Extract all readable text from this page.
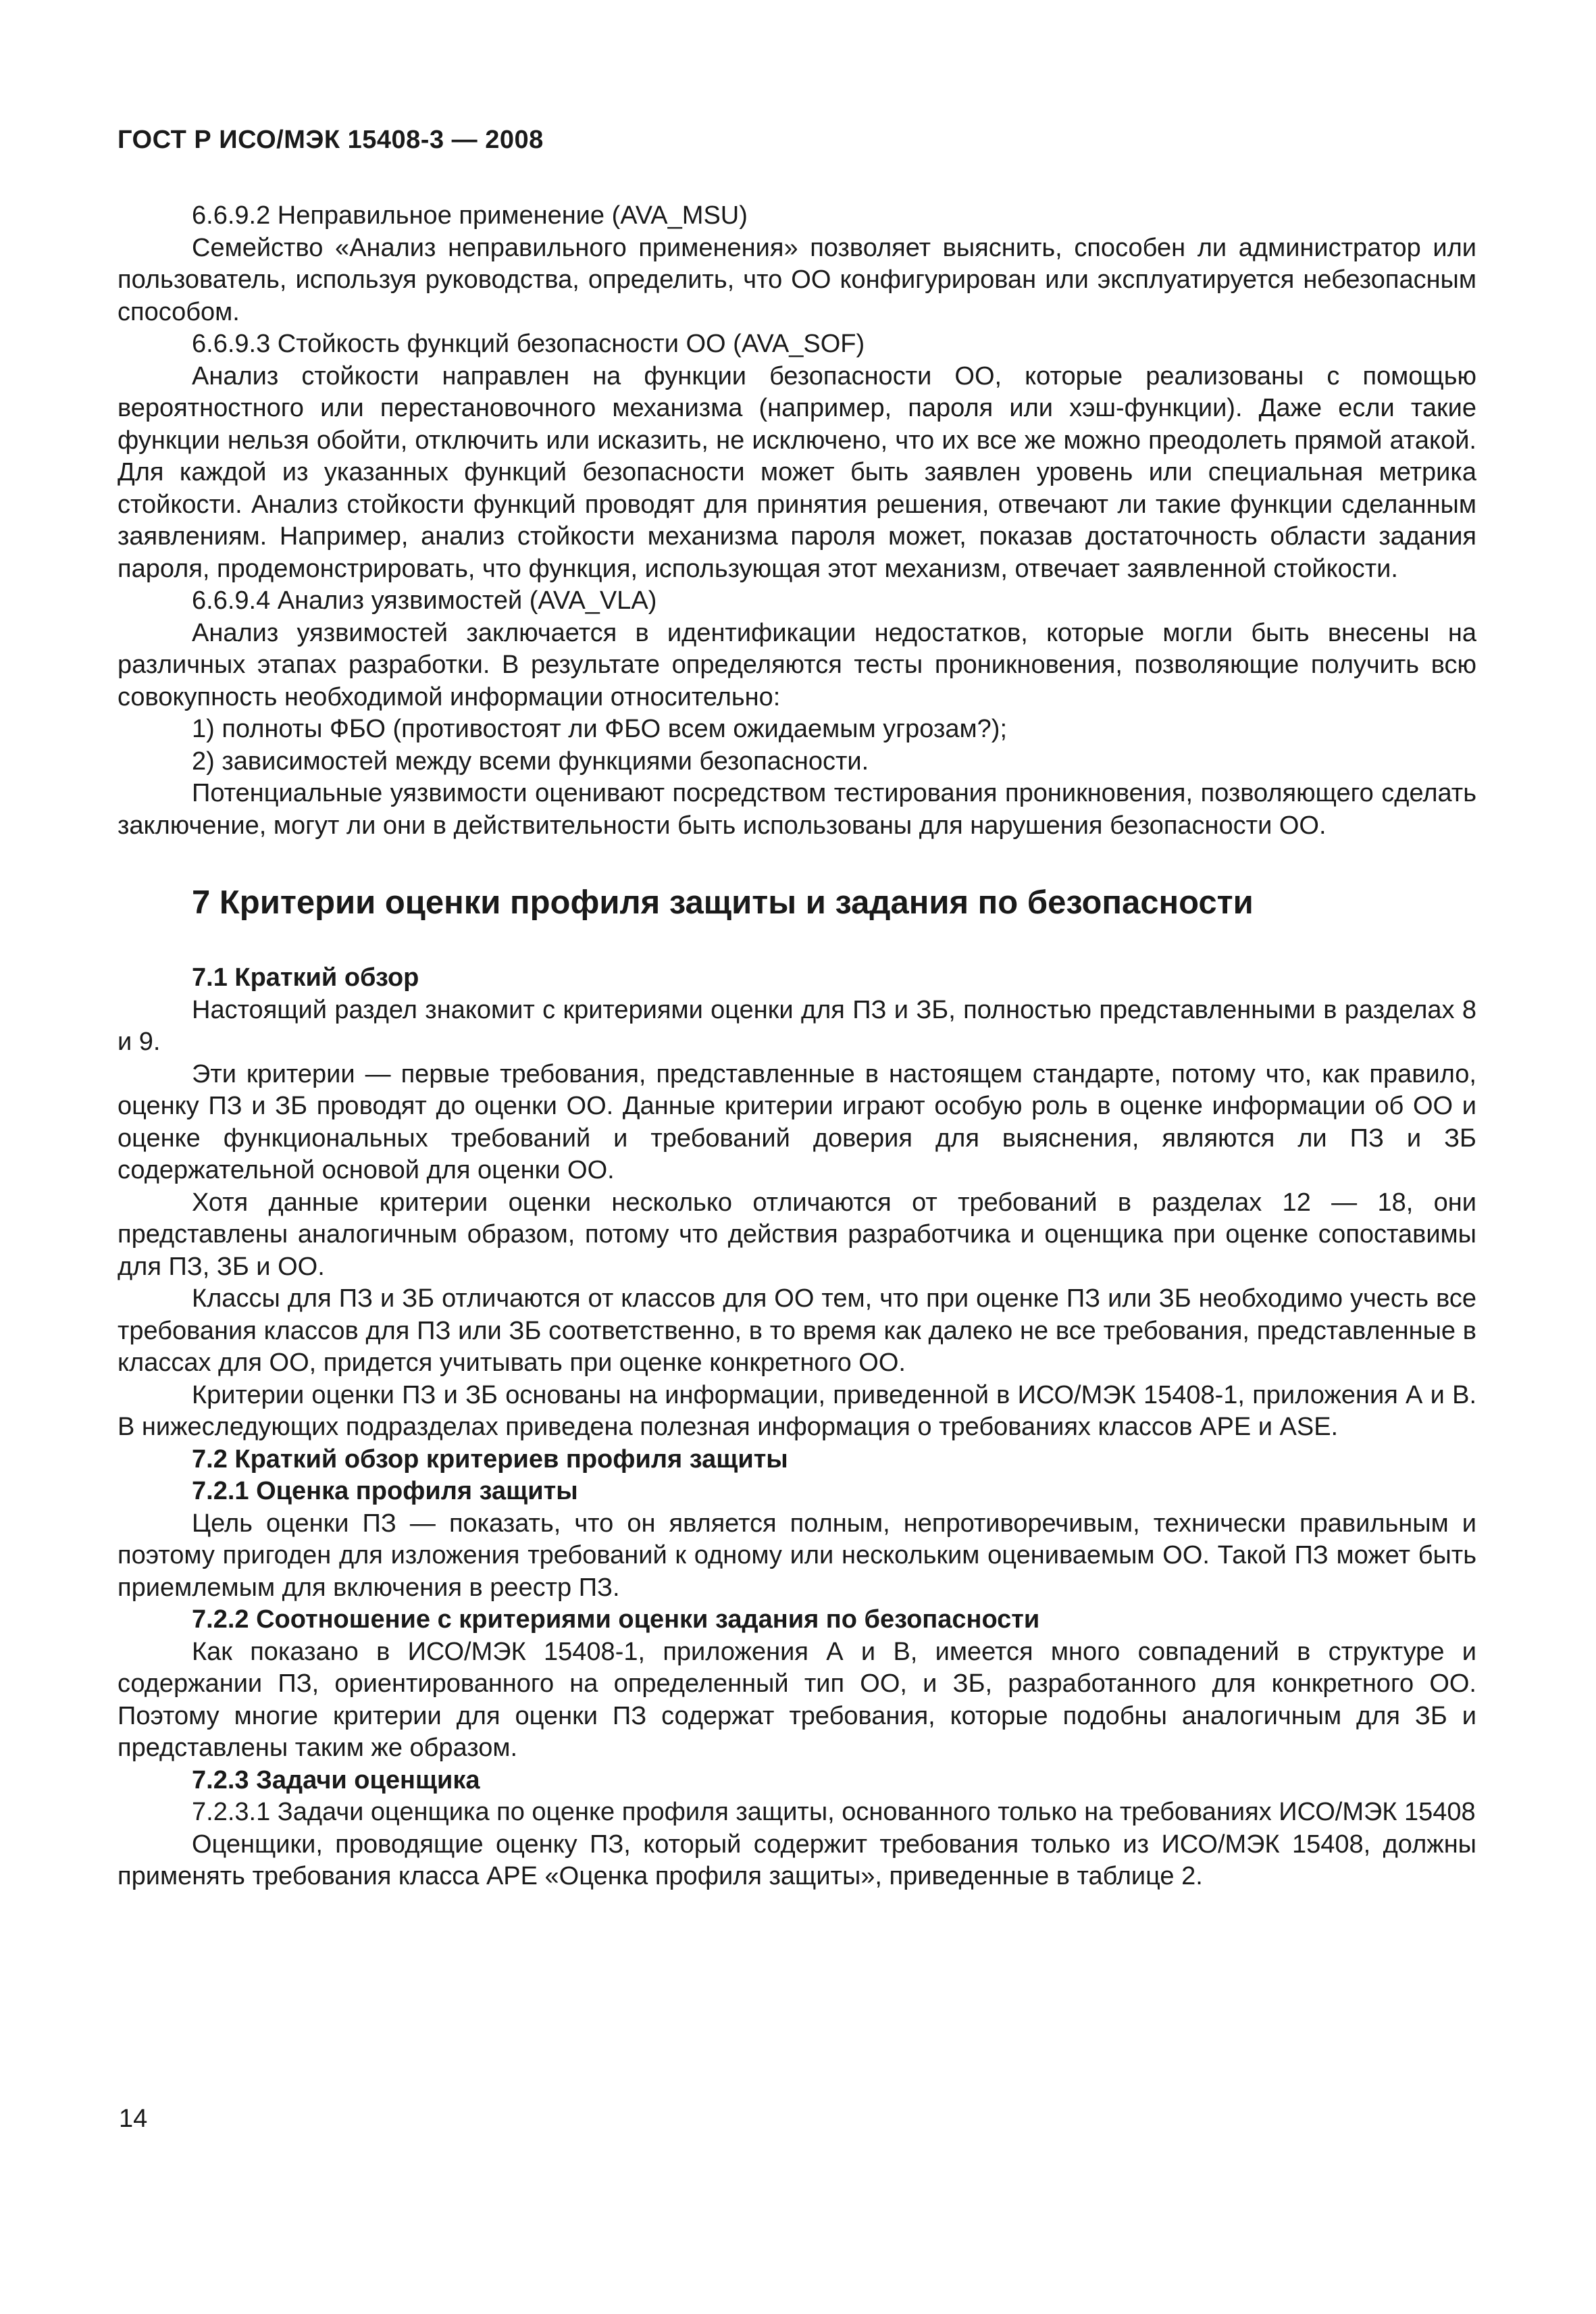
ГОСТ Р ИСО/МЭК 15408-3 — 2008

6.6.9.2 Неправильное применение (AVA_MSU)

Семейство «Анализ неправильного применения» позволяет выяснить, способен ли администратор или пользователь, используя руководства, определить, что ОО конфигурирован или эксплуатируется небезопасным способом.

6.6.9.3 Стойкость функций безопасности ОО (AVA_SOF)

Анализ стойкости направлен на функции безопасности ОО, которые реализованы с помощью вероятностного или перестановочного механизма (например, пароля или хэш-функции). Даже если такие функции нельзя обойти, отключить или исказить, не исключено, что их все же можно преодолеть прямой атакой. Для каждой из указанных функций безопасности может быть заявлен уровень или специальная метрика стойкости. Анализ стойкости функций проводят для принятия решения, отвечают ли такие функции сделанным заявлениям. Например, анализ стойкости механизма пароля может, показав достаточность области задания пароля, продемонстрировать, что функция, использующая этот механизм, отвечает заявленной стойкости.

6.6.9.4 Анализ уязвимостей (AVA_VLA)

Анализ уязвимостей заключается в идентификации недостатков, которые могли быть внесены на различных этапах разработки. В результате определяются тесты проникновения, позволяющие получить всю совокупность необходимой информации относительно:

1) полноты ФБО (противостоят ли ФБО всем ожидаемым угрозам?);

2) зависимостей между всеми функциями безопасности.

Потенциальные уязвимости оценивают посредством тестирования проникновения, позволяющего сделать заключение, могут ли они в действительности быть использованы для нарушения безопасности ОО.

7 Критерии оценки профиля защиты и задания по безопасности

7.1 Краткий обзор

Настоящий раздел знакомит с критериями оценки для ПЗ и ЗБ, полностью представленными в разделах 8 и 9.

Эти критерии — первые требования, представленные в настоящем стандарте, потому что, как правило, оценку ПЗ и ЗБ проводят до оценки ОО. Данные критерии играют особую роль в оценке информации об ОО и оценке функциональных требований и требований доверия для выяснения, являются ли ПЗ и ЗБ содержательной основой для оценки ОО.

Хотя данные критерии оценки несколько отличаются от требований в разделах 12 — 18, они представлены аналогичным образом, потому что действия разработчика и оценщика при оценке сопоставимы для ПЗ, ЗБ и ОО.

Классы для ПЗ и ЗБ отличаются от классов для ОО тем, что при оценке ПЗ или ЗБ необходимо учесть все требования классов для ПЗ или ЗБ соответственно, в то время как далеко не все требования, представленные в классах для ОО, придется учитывать при оценке конкретного ОО.

Критерии оценки ПЗ и ЗБ основаны на информации, приведенной в ИСО/МЭК 15408-1, приложения А и В. В нижеследующих подразделах приведена полезная информация о требованиях классов АРЕ и ASE.

7.2 Краткий обзор критериев профиля защиты

7.2.1 Оценка профиля защиты

Цель оценки ПЗ — показать, что он является полным, непротиворечивым, технически правильным и поэтому пригоден для изложения требований к одному или нескольким оцениваемым ОО. Такой ПЗ может быть приемлемым для включения в реестр ПЗ.

7.2.2 Соотношение с критериями оценки задания по безопасности

Как показано в ИСО/МЭК 15408-1, приложения А и В, имеется много совпадений в структуре и содержании ПЗ, ориентированного на определенный тип ОО, и ЗБ, разработанного для конкретного ОО. Поэтому многие критерии для оценки ПЗ содержат требования, которые подобны аналогичным для ЗБ и представлены таким же образом.

7.2.3 Задачи оценщика

7.2.3.1 Задачи оценщика по оценке профиля защиты, основанного только на требованиях ИСО/МЭК 15408

Оценщики, проводящие оценку ПЗ, который содержит требования только из ИСО/МЭК 15408, должны применять требования класса АРЕ «Оценка профиля защиты», приведенные в таблице 2.

14
